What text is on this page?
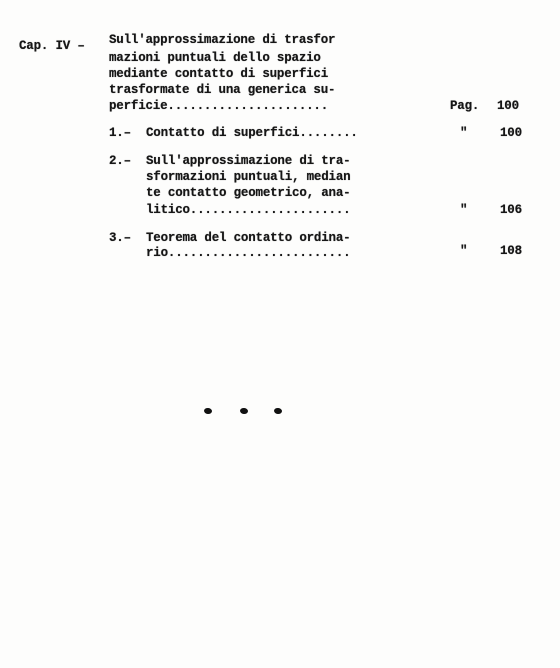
Cap. IV – Sull'approssimazione di trasfor
mazioni puntuali dello spazio
mediante contatto di superfici
trasformate di una generica su-
perficie......................	Pag. 100
1.– Contatto di superfici........	"	100
2.– Sull'approssimazione di tra-
sformazioni puntuali, median
te contatto geometrico, ana-
litico......................	"	106
3.– Teorema del contatto ordina-
rio.........................	"	108
